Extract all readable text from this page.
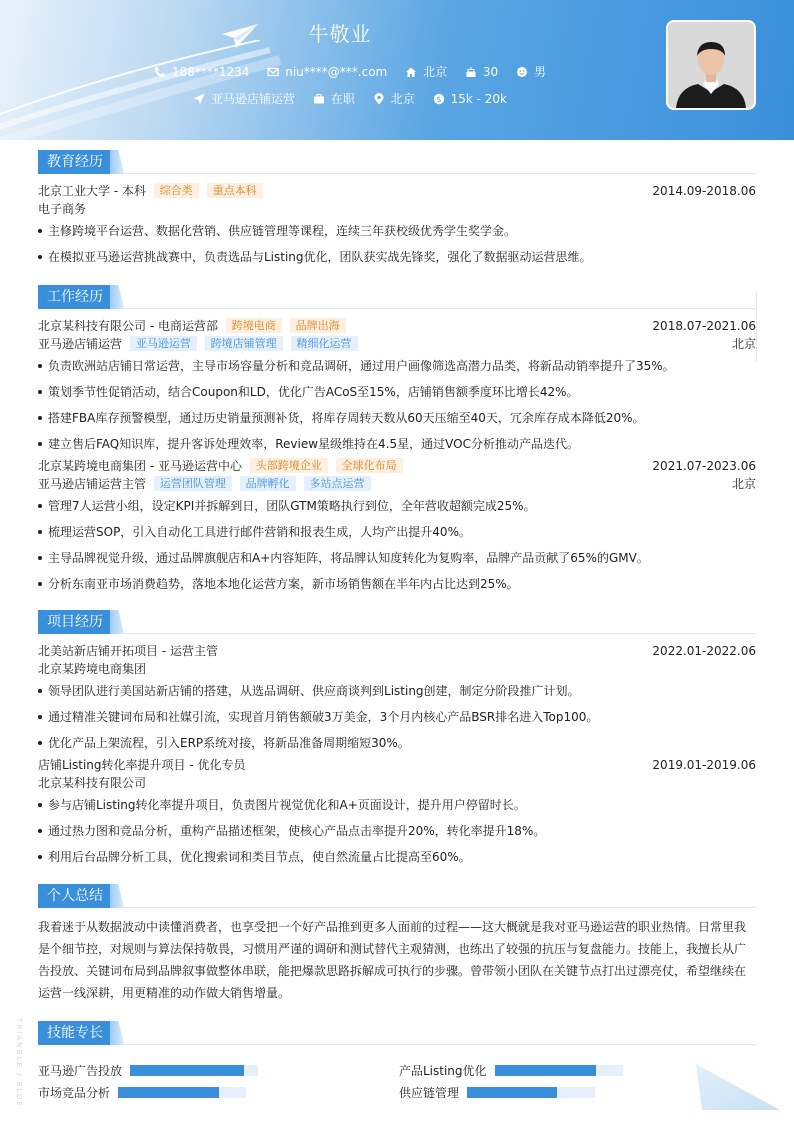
牛敬业
188****1234
	niu****@***.com
	北京
	30
	男
亚马逊店铺运营
	在职
	北京
	$ 15k - 20k
教育经历
北京工业大学 - 本科 综合类 重点本科	2014.09-2018.06
电子商务
主修跨境平台运营、数据化营销、供应链管理等课程，连续三年获校级优秀学生奖学金。
在模拟亚马逊运营挑战赛中，负责选品与Listing优化，团队获实战先锋奖，强化了数据驱动运营思维。
工作经历
北京某科技有限公司 - 电商运营部 跨境电商 品牌出海	2018.07-2021.06
亚马逊店铺运营 亚马逊运营 跨境店铺管理 精细化运营	北京
负责欧洲站店铺日常运营，主导市场容量分析和竞品调研，通过用户画像筛选高潜力品类，将新品动销率提升了35%。
策划季节性促销活动，结合Coupon和LD，优化广告ACoS至15%，店铺销售额季度环比增长42%。
搭建FBA库存预警模型，通过历史销量预测补货，将库存周转天数从60天压缩至40天，冗余库存成本降低20%。
建立售后FAQ知识库，提升客诉处理效率，Review星级维持在4.5星，通过VOC分析推动产品迭代。
北京某跨境电商集团 - 亚马逊运营中心 头部跨境企业 全球化布局	2021.07-2023.06
亚马逊店铺运营主管 运营团队管理 品牌孵化 多站点运营	北京
管理7人运营小组，设定KPI并拆解到日，团队GTM策略执行到位，全年营收超额完成25%。
梳理运营SOP，引入自动化工具进行邮件营销和报表生成，人均产出提升40%。
主导品牌视觉升级，通过品牌旗舰店和A+内容矩阵，将品牌认知度转化为复购率，品牌产品贡献了65%的GMV。
分析东南亚市场消费趋势，落地本地化运营方案，新市场销售额在半年内占比达到25%。
项目经历
北美站新店铺开拓项目 - 运营主管	2022.01-2022.06
北京某跨境电商集团
领导团队进行美国站新店铺的搭建，从选品调研、供应商谈判到Listing创建，制定分阶段推广计划。
通过精准关键词布局和社媒引流，实现首月销售额破3万美金，3个月内核心产品BSR排名进入Top100。
优化产品上架流程，引入ERP系统对接，将新品准备周期缩短30%。
店铺Listing转化率提升项目 - 优化专员	2019.01-2019.06
北京某科技有限公司
参与店铺Listing转化率提升项目，负责图片视觉优化和A+页面设计，提升用户停留时长。
通过热力图和竞品分析，重构产品描述框架，使核心产品点击率提升20%，转化率提升18%。
利用后台品牌分析工具，优化搜索词和类目节点，使自然流量占比提高至60%。
个人总结
我着迷于从数据波动中读懂消费者，也享受把一个好产品推到更多人面前的过程——这大概就是我对亚马逊运营的职业热情。日常里我
是个细节控，对规则与算法保持敬畏，习惯用严谨的调研和测试替代主观猜测，也练出了较强的抗压与复盘能力。技能上，我擅长从广
告投放、关键词布局到品牌叙事做整体串联，能把爆款思路拆解成可执行的步骤。曾带领小团队在关键节点打出过漂亮仗，希望继续在
运营一线深耕，用更精准的动作做大销售增量。
技能专长
亚马逊广告投放	产品Listing优化
市场竞品分析	供应链管理
TRIANGLE / BLUE
